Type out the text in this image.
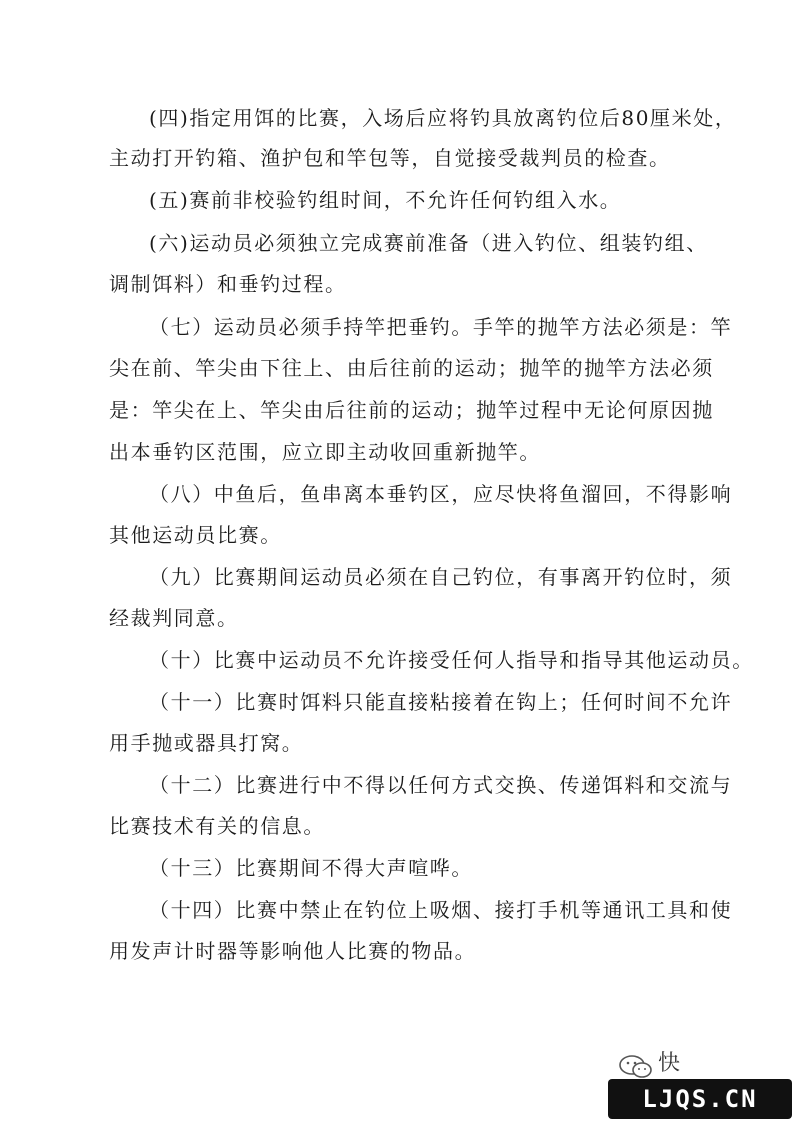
(四)指定用饵的比赛，入场后应将钓具放离钓位后80厘米处，
主动打开钓箱、渔护包和竿包等，自觉接受裁判员的检查。
(五)赛前非校验钓组时间，不允许任何钓组入水。
(六)运动员必须独立完成赛前准备（进入钓位、组装钓组、
调制饵料）和垂钓过程。
（七）运动员必须手持竿把垂钓。手竿的抛竿方法必须是：竿
尖在前、竿尖由下往上、由后往前的运动；抛竿的抛竿方法必须
是：竿尖在上、竿尖由后往前的运动；抛竿过程中无论何原因抛
出本垂钓区范围，应立即主动收回重新抛竿。
（八）中鱼后，鱼串离本垂钓区，应尽快将鱼溜回，不得影响
其他运动员比赛。
（九）比赛期间运动员必须在自己钓位，有事离开钓位时，须
经裁判同意。
（十）比赛中运动员不允许接受任何人指导和指导其他运动员。
（十一）比赛时饵料只能直接粘接着在钩上；任何时间不允许
用手抛或器具打窝。
（十二）比赛进行中不得以任何方式交换、传递饵料和交流与
比赛技术有关的信息。
（十三）比赛期间不得大声喧哗。
（十四）比赛中禁止在钓位上吸烟、接打手机等通讯工具和使
用发声计时器等影响他人比赛的物品。
快
LJQS.CN
